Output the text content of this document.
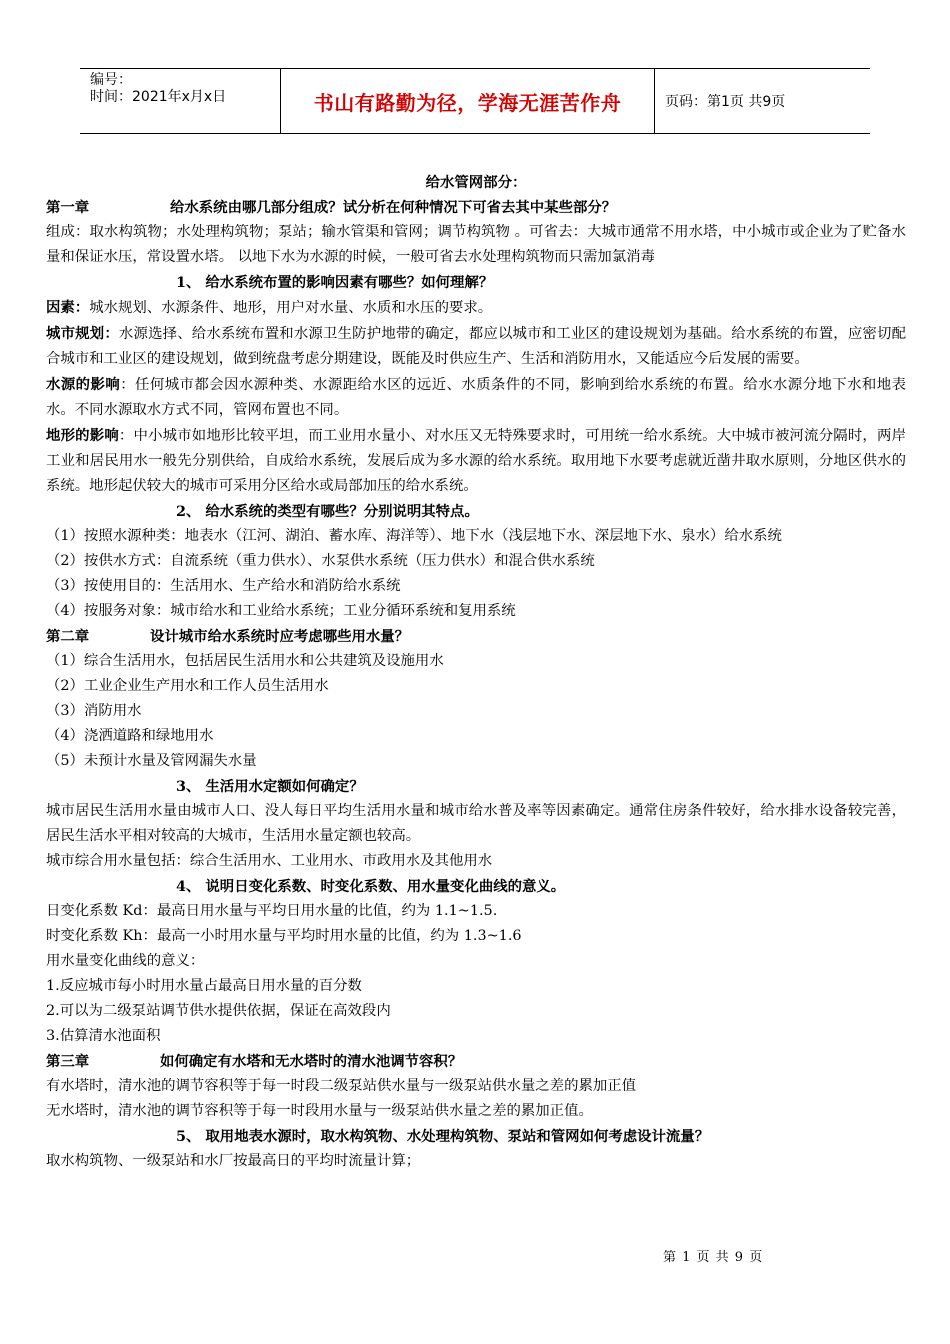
编号：
时间：2021年x月x日	书山有路勤为径，学海无涯苦作舟	页码：第1页 共9页

给水管网部分：

第一章	给水系统由哪几部分组成？试分析在何种情况下可省去其中某些部分？

组成：取水构筑物；水处理构筑物；泵站；输水管渠和管网；调节构筑物 。可省去：大城市通常不用水塔，中小城市或企业为了贮备水量和保证水压，常设置水塔。 以地下水为水源的时候，一般可省去水处理构筑物而只需加氯消毒

1、 给水系统布置的影响因素有哪些？如何理解？

因素：城水规划、水源条件、地形，用户对水量、水质和水压的要求。

城市规划：水源选择、给水系统布置和水源卫生防护地带的确定，都应以城市和工业区的建设规划为基础。给水系统的布置，应密切配合城市和工业区的建设规划，做到统盘考虑分期建设，既能及时供应生产、生活和消防用水，又能适应今后发展的需要。

水源的影响：任何城市都会因水源种类、水源距给水区的远近、水质条件的不同，影响到给水系统的布置。给水水源分地下水和地表水。不同水源取水方式不同，管网布置也不同。

地形的影响：中小城市如地形比较平坦，而工业用水量小、对水压又无特殊要求时，可用统一给水系统。大中城市被河流分隔时，两岸工业和居民用水一般先分别供给，自成给水系统，发展后成为多水源的给水系统。取用地下水要考虑就近凿井取水原则，分地区供水的系统。地形起伏较大的城市可采用分区给水或局部加压的给水系统。

2、 给水系统的类型有哪些？分别说明其特点。

（1）按照水源种类：地表水（江河、湖泊、蓄水库、海洋等）、地下水（浅层地下水、深层地下水、泉水）给水系统

（2）按供水方式：自流系统（重力供水）、水泵供水系统（压力供水）和混合供水系统

（3）按使用目的：生活用水、生产给水和消防给水系统

（4）按服务对象：城市给水和工业给水系统；工业分循环系统和复用系统

第二章	设计城市给水系统时应考虑哪些用水量？

（1）综合生活用水，包括居民生活用水和公共建筑及设施用水

（2）工业企业生产用水和工作人员生活用水

（3）消防用水

（4）浇洒道路和绿地用水

（5）未预计水量及管网漏失水量

3、 生活用水定额如何确定？

城市居民生活用水量由城市人口、没人每日平均生活用水量和城市给水普及率等因素确定。通常住房条件较好，给水排水设备较完善，居民生活水平相对较高的大城市，生活用水量定额也较高。

城市综合用水量包括：综合生活用水、工业用水、市政用水及其他用水

4、 说明日变化系数、时变化系数、用水量变化曲线的意义。

日变化系数 Kd：最高日用水量与平均日用水量的比值，约为 1.1~1.5.

时变化系数 Kh：最高一小时用水量与平均时用水量的比值，约为 1.3~1.6

用水量变化曲线的意义：

1.反应城市每小时用水量占最高日用水量的百分数

2.可以为二级泵站调节供水提供依据，保证在高效段内

3.估算清水池面积

第三章	如何确定有水塔和无水塔时的清水池调节容积？

有水塔时，清水池的调节容积等于每一时段二级泵站供水量与一级泵站供水量之差的累加正值

无水塔时，清水池的调节容积等于每一时段用水量与一级泵站供水量之差的累加正值。

5、 取用地表水源时，取水构筑物、水处理构筑物、泵站和管网如何考虑设计流量？

取水构筑物、一级泵站和水厂按最高日的平均时流量计算；

第 1 页 共 9 页
